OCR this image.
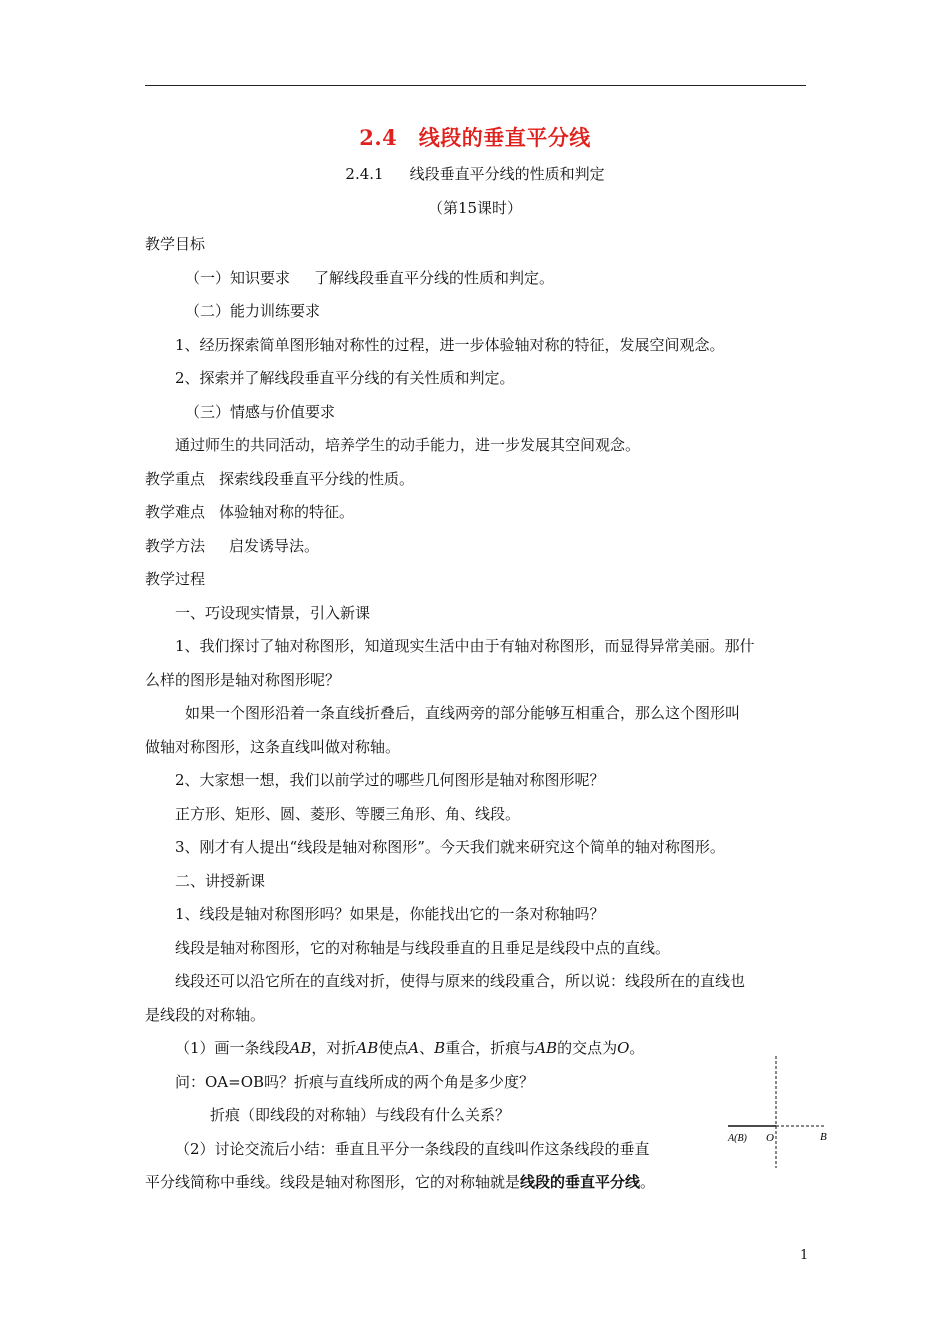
2.4　线段的垂直平分线
2.4.1 线段垂直平分线的性质和判定
（第15课时）
教学目标
（一）知识要求 了解线段垂直平分线的性质和判定。
（二）能力训练要求
1、经历探索简单图形轴对称性的过程，进一步体验轴对称的特征，发展空间观念。
2、探索并了解线段垂直平分线的有关性质和判定。
（三）情感与价值要求
通过师生的共同活动，培养学生的动手能力，进一步发展其空间观念。
教学重点 探索线段垂直平分线的性质。
教学难点 体验轴对称的特征。
教学方法 启发诱导法。
教学过程
一、巧设现实情景，引入新课
1、我们探讨了轴对称图形，知道现实生活中由于有轴对称图形，而显得异常美丽。那什
么样的图形是轴对称图形呢？
如果一个图形沿着一条直线折叠后，直线两旁的部分能够互相重合，那么这个图形叫
做轴对称图形，这条直线叫做对称轴。
2、大家想一想，我们以前学过的哪些几何图形是轴对称图形呢？
正方形、矩形、圆、菱形、等腰三角形、角、线段。
3、刚才有人提出“线段是轴对称图形”。今天我们就来研究这个简单的轴对称图形。
二、讲授新课
1、线段是轴对称图形吗？如果是，你能找出它的一条对称轴吗？
线段是轴对称图形，它的对称轴是与线段垂直的且垂足是线段中点的直线。
线段还可以沿它所在的直线对折，使得与原来的线段重合，所以说：线段所在的直线也
是线段的对称轴。
（1）画一条线段AB，对折AB使点A、B重合，折痕与AB的交点为O。
问：OA=OB吗？折痕与直线所成的两个角是多少度？
折痕（即线段的对称轴）与线段有什么关系？
（2）讨论交流后小结：垂直且平分一条线段的直线叫作这条线段的垂直
平分线简称中垂线。线段是轴对称图形，它的对称轴就是线段的垂直平分线。
A(B) O	B
1
